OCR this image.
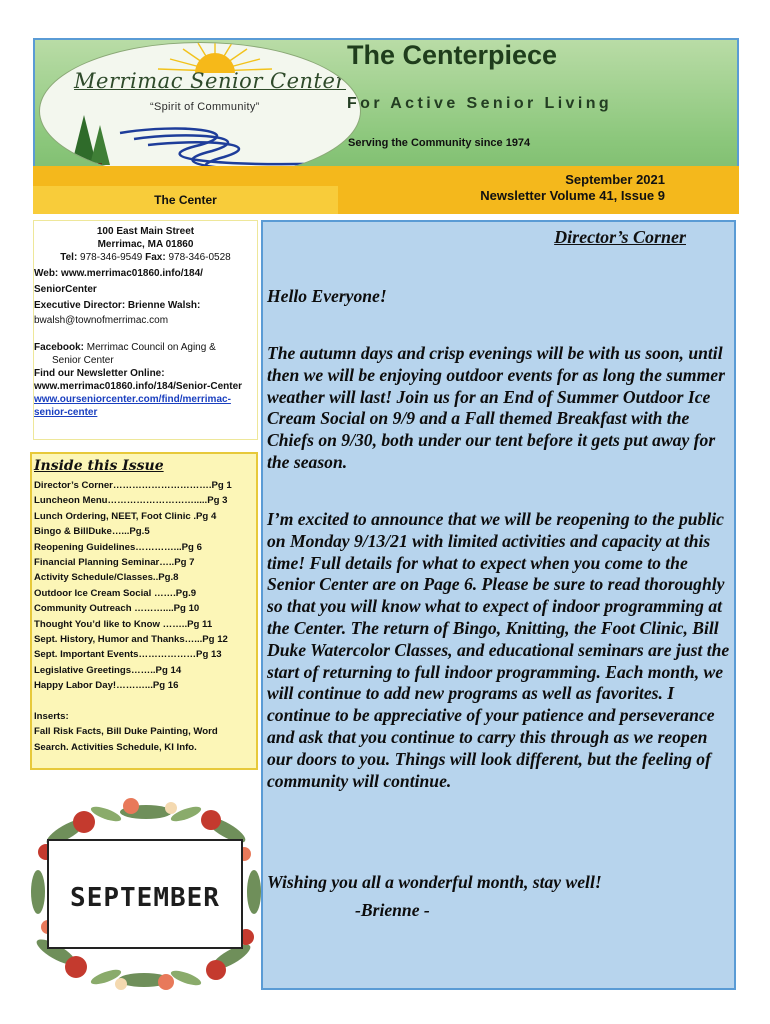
Merrimac Senior Center
“Spirit of Community”
The Centerpiece
For Active Senior Living
Serving the Community since 1974
The Center
September 2021
Newsletter Volume 41, Issue 9

100 East Main Street

Merrimac, MA 01860

Tel: 978-346-9549 Fax: 978-346-0528

Web: www.merrimac01860.info/184/

SeniorCenter

Executive Director: Brienne Walsh:

bwalsh@townofmerrimac.com

Facebook: Merrimac Council on Aging &

Senior Center

Find our Newsletter Online:

www.merrimac01860.info/184/Senior-Center

www.ourseniorcenter.com/find/merrimac-senior-center

Inside this Issue
Director’s Corner………………………….Pg 1
Luncheon Menu……………………….....Pg 3
Lunch Ordering, NEET, Foot Clinic .Pg 4
Bingo & BillDuke…...Pg.5
Reopening Guidelines…………...Pg 6
Financial Planning Seminar…..Pg 7
Activity Schedule/Classes..Pg.8
Outdoor Ice Cream Social …….Pg.9
Community Outreach ………....Pg 10
Thought You’d like to Know ……..Pg 11
Sept. History, Humor and Thanks…...Pg 12
Sept. Important Events………………Pg 13
Legislative Greetings……..Pg 14
Happy Labor Day!………...Pg 16
Inserts:
Fall Risk Facts, Bill Duke Painting, Word Search. Activities Schedule, KI Info.
SEPTEMBER
Director’s Corner

Hello Everyone!

The autumn days and crisp evenings will be with us soon, until then we will be enjoying outdoor events for as long the summer weather will last! Join us for an End of Summer Outdoor Ice Cream Social on 9/9 and a Fall themed Breakfast with the Chiefs on 9/30, both under our tent before it gets put away for the season.

I’m excited to announce that we will be reopening to the public on Monday 9/13/21 with limited activities and capacity at this time! Full details for what to expect when you come to the Senior Center are on Page 6. Please be sure to read thoroughly so that you will know what to expect of indoor programming at the Center. The return of Bingo, Knitting, the Foot Clinic, Bill Duke Watercolor Classes, and educational seminars are just the start of returning to full indoor programming. Each month, we will continue to add new programs as well as favorites. I continue to be appreciative of your patience and perseverance and ask that you continue to carry this through as we reopen our doors to you. Things will look different, but the feeling of community will continue.

Wishing you all a wonderful month, stay well!

-Brienne -
